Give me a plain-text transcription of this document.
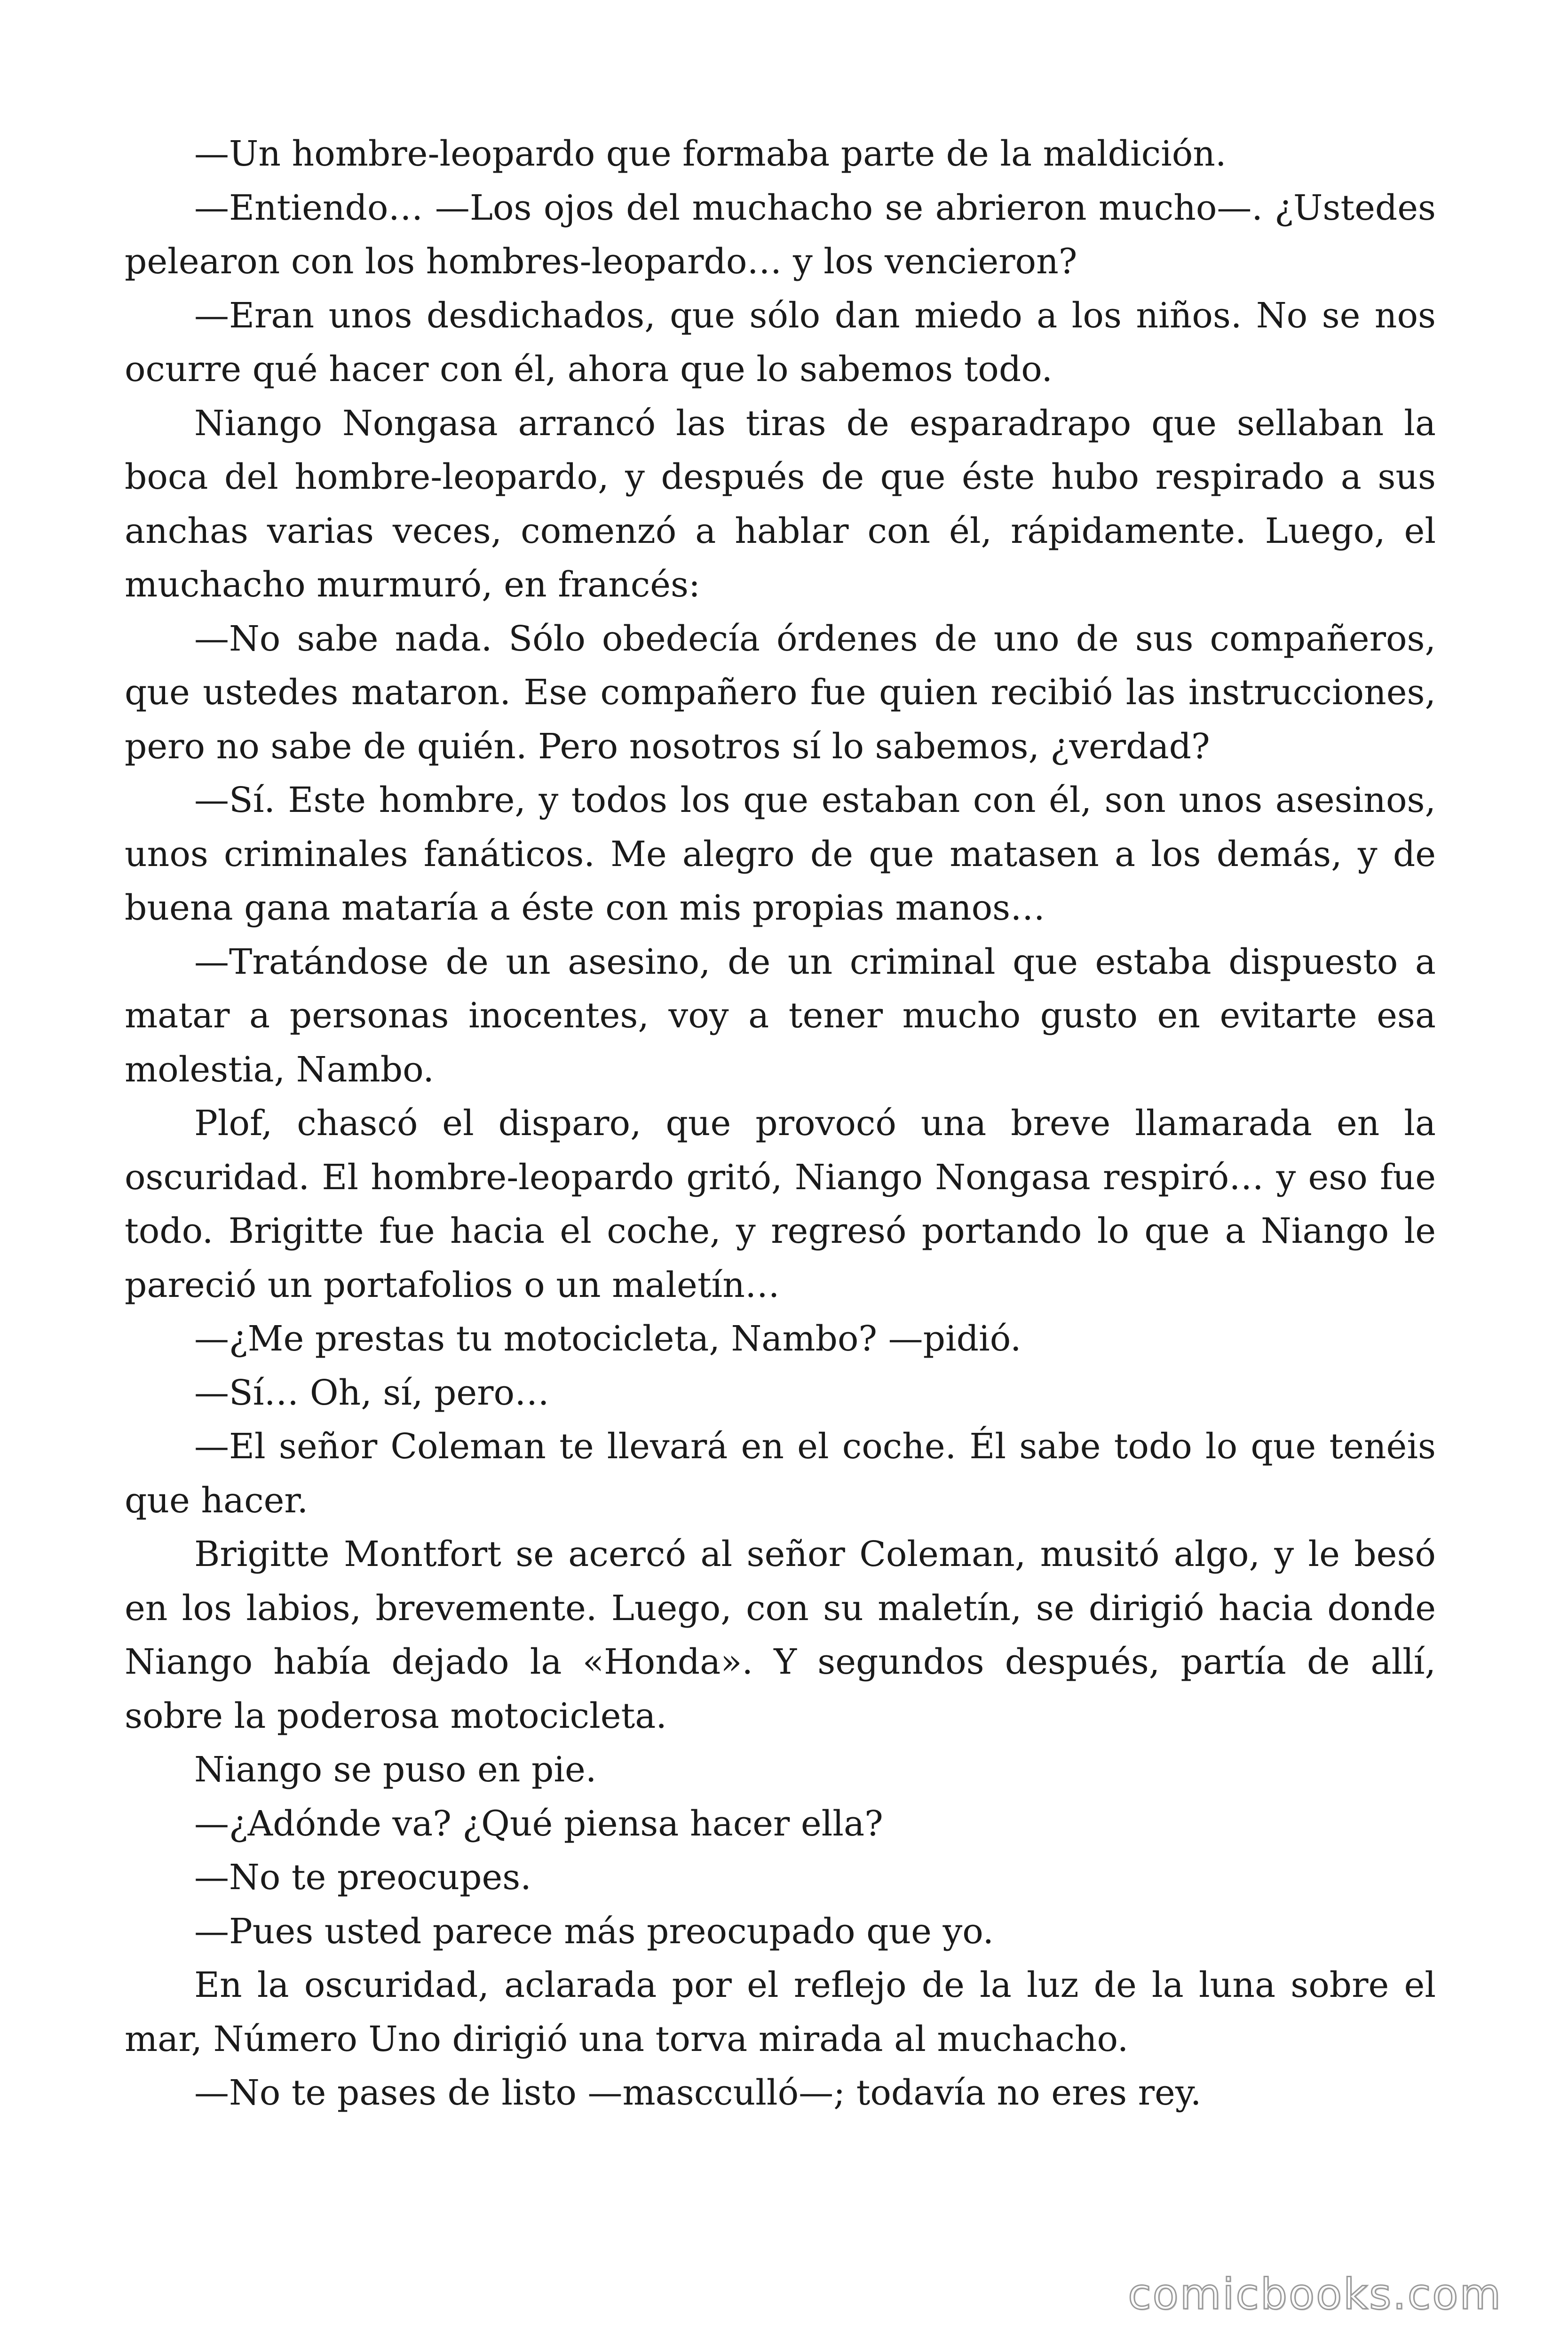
—Un hombre-leopardo que formaba parte de la maldición.

—Entiendo… —Los ojos del muchacho se abrieron mucho—. ¿Ustedes pelearon con los hombres-leopardo… y los vencieron?

—Eran unos desdichados, que sólo dan miedo a los niños. No se nos ocurre qué hacer con él, ahora que lo sabemos todo.

Niango Nongasa arrancó las tiras de esparadrapo que sellaban la boca del hombre-leopardo, y después de que éste hubo respirado a sus anchas varias veces, comenzó a hablar con él, rápidamente. Luego, el muchacho murmuró, en francés:

—No sabe nada. Sólo obedecía órdenes de uno de sus compañeros, que ustedes mataron. Ese compañero fue quien recibió las instrucciones, pero no sabe de quién. Pero nosotros sí lo sabemos, ¿verdad?

—Sí. Este hombre, y todos los que estaban con él, son unos asesinos, unos criminales fanáticos. Me alegro de que matasen a los demás, y de buena gana mataría a éste con mis propias manos…

—Tratándose de un asesino, de un criminal que estaba dispuesto a matar a personas inocentes, voy a tener mucho gusto en evitarte esa molestia, Nambo.

Plof, chascó el disparo, que provocó una breve llamarada en la oscuridad. El hombre-leopardo gritó, Niango Nongasa respiró… y eso fue todo. Brigitte fue hacia el coche, y regresó portando lo que a Niango le pareció un portafolios o un maletín…

—¿Me prestas tu motocicleta, Nambo? —pidió.

—Sí… Oh, sí, pero…

—El señor Coleman te llevará en el coche. Él sabe todo lo que tenéis que hacer.

Brigitte Montfort se acercó al señor Coleman, musitó algo, y le besó en los labios, brevemente. Luego, con su maletín, se dirigió hacia donde Niango había dejado la «Honda». Y segundos después, partía de allí, sobre la poderosa motocicleta.

Niango se puso en pie.

—¿Adónde va? ¿Qué piensa hacer ella?

—No te preocupes.

—Pues usted parece más preocupado que yo.

En la oscuridad, aclarada por el reflejo de la luz de la luna sobre el mar, Número Uno dirigió una torva mirada al muchacho.

—No te pases de listo —mascculló—; todavía no eres rey.

comicbooks.com
